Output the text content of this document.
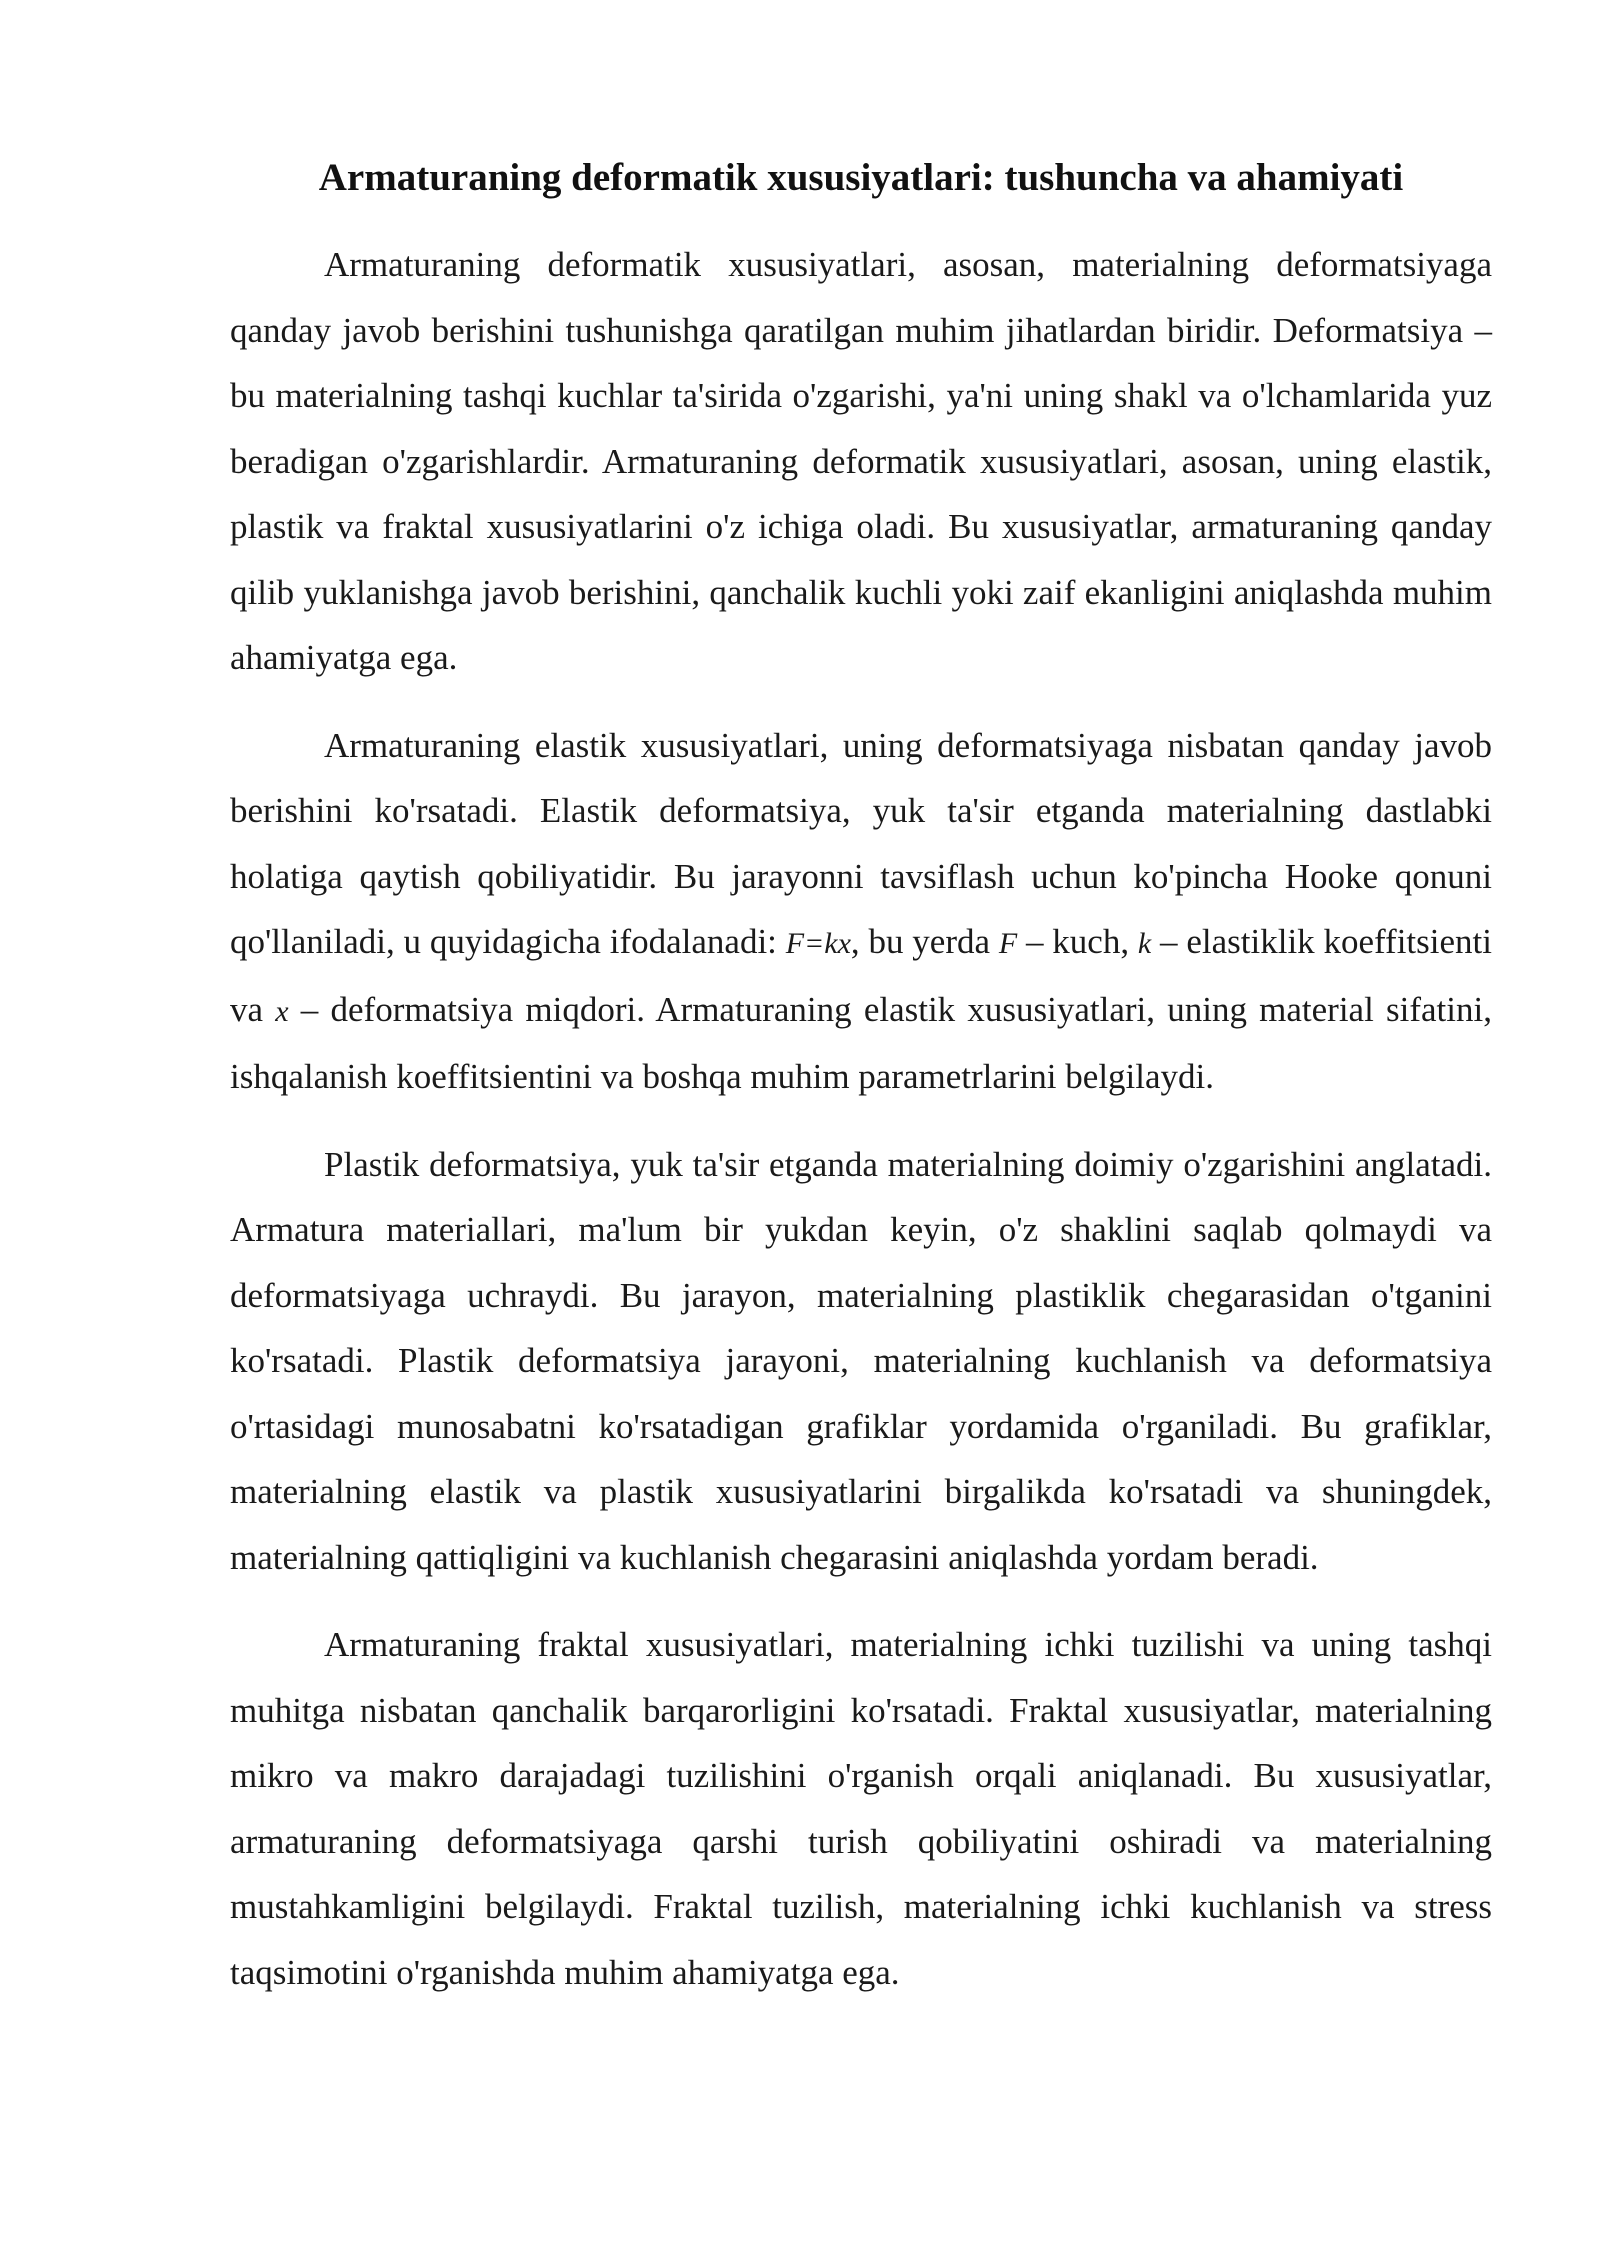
Armaturaning deformatik xususiyatlari: tushuncha va ahamiyati

Armaturaning deformatik xususiyatlari, asosan, materialning deformatsiyaga qanday javob berishini tushunishga qaratilgan muhim jihatlardan biridir. Deformatsiya – bu materialning tashqi kuchlar ta'sirida o'zgarishi, ya'ni uning shakl va o'lchamlarida yuz beradigan o'zgarishlardir. Armaturaning deformatik xususiyatlari, asosan, uning elastik, plastik va fraktal xususiyatlarini o'z ichiga oladi. Bu xususiyatlar, armaturaning qanday qilib yuklanishga javob berishini, qanchalik kuchli yoki zaif ekanligini aniqlashda muhim ahamiyatga ega.

Armaturaning elastik xususiyatlari, uning deformatsiyaga nisbatan qanday javob berishini ko'rsatadi. Elastik deformatsiya, yuk ta'sir etganda materialning dastlabki holatiga qaytish qobiliyatidir. Bu jarayonni tavsiflash uchun ko'pincha Hooke qonuni qo'llaniladi, u quyidagicha ifodalanadi: F=kx, bu yerda F – kuch, k – elastiklik koeffitsienti va x – deformatsiya miqdori. Armaturaning elastik xususiyatlari, uning material sifatini, ishqalanish koeffitsientini va boshqa muhim parametrlarini belgilaydi.

Plastik deformatsiya, yuk ta'sir etganda materialning doimiy o'zgarishini anglatadi. Armatura materiallari, ma'lum bir yukdan keyin, o'z shaklini saqlab qolmaydi va deformatsiyaga uchraydi. Bu jarayon, materialning plastiklik chegarasidan o'tganini ko'rsatadi. Plastik deformatsiya jarayoni, materialning kuchlanish va deformatsiya o'rtasidagi munosabatni ko'rsatadigan grafiklar yordamida o'rganiladi. Bu grafiklar, materialning elastik va plastik xususiyatlarini birgalikda ko'rsatadi va shuningdek, materialning qattiqligini va kuchlanish chegarasini aniqlashda yordam beradi.

Armaturaning fraktal xususiyatlari, materialning ichki tuzilishi va uning tashqi muhitga nisbatan qanchalik barqarorligini ko'rsatadi. Fraktal xususiyatlar, materialning mikro va makro darajadagi tuzilishini o'rganish orqali aniqlanadi. Bu xususiyatlar, armaturaning deformatsiyaga qarshi turish qobiliyatini oshiradi va materialning mustahkamligini belgilaydi. Fraktal tuzilish, materialning ichki kuchlanish va stress taqsimotini o'rganishda muhim ahamiyatga ega.
